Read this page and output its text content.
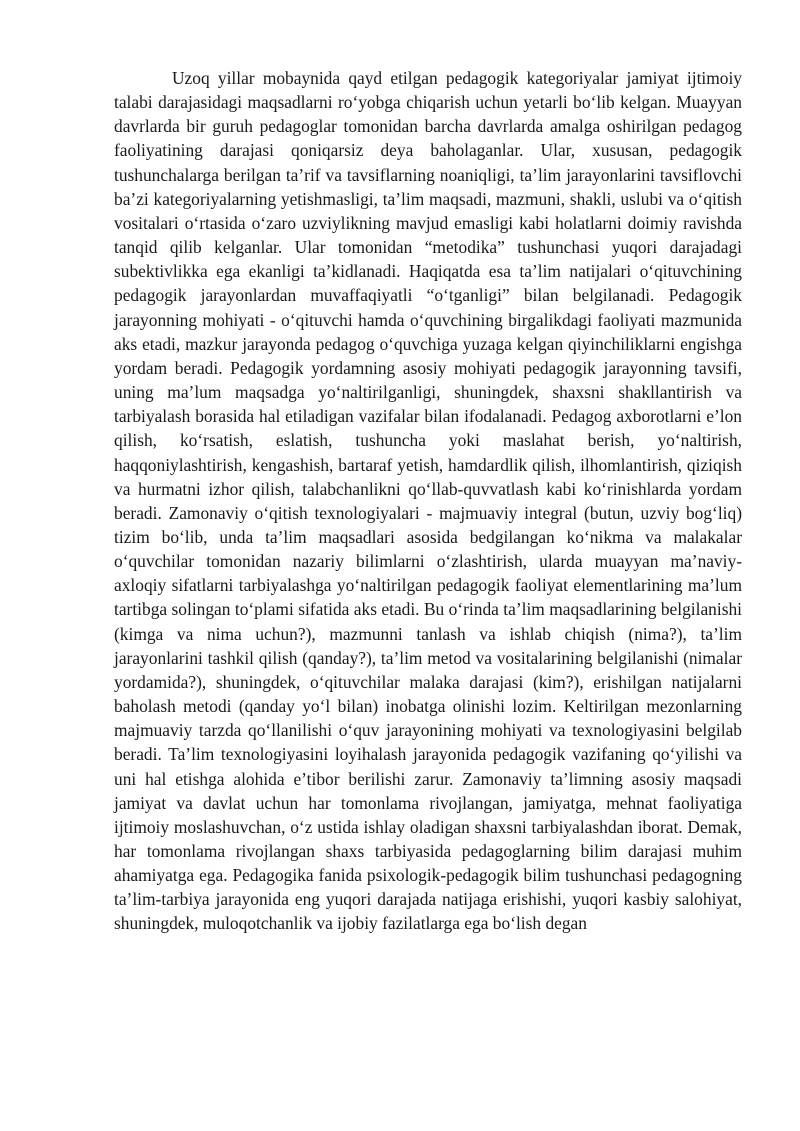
Uzoq yillar mobaynida qayd etilgan pedagogik kategoriyalar jamiyat ijtimoiy talabi darajasidagi maqsadlarni ro‘yobga chiqarish uchun yetarli bo‘lib kelgan. Muayyan davrlarda bir guruh pedagoglar tomonidan barcha davrlarda amalga oshirilgan pedagog faoliyatining darajasi qoniqarsiz deya baholaganlar. Ular, xususan, pedagogik tushunchalarga berilgan ta’rif va tavsiflarning noaniqligi, ta’lim jarayonlarini tavsiflovchi ba’zi kategoriyalarning yetishmasligi, ta’lim maqsadi, mazmuni, shakli, uslubi va o‘qitish vositalari o‘rtasida o‘zaro uzviylikning mavjud emasligi kabi holatlarni doimiy ravishda tanqid qilib kelganlar. Ular tomonidan “metodika” tushunchasi yuqori darajadagi subektivlikka ega ekanligi ta’kidlanadi. Haqiqatda esa ta’lim natijalari o‘qituvchining pedagogik jarayonlardan muvaffaqiyatli “o‘tganligi” bilan belgilanadi. Pedagogik jarayonning mohiyati - o‘qituvchi hamda o‘quvchining birgalikdagi faoliyati mazmunida aks etadi, mazkur jarayonda pedagog o‘quvchiga yuzaga kelgan qiyinchiliklarni engishga yordam beradi. Pedagogik yordamning asosiy mohiyati pedagogik jarayonning tavsifi, uning ma’lum maqsadga yo‘naltirilganligi, shuningdek, shaxsni shakllantirish va tarbiyalash borasida hal etiladigan vazifalar bilan ifodalanadi. Pedagog axborotlarni e’lon qilish, ko‘rsatish, eslatish, tushuncha yoki maslahat berish, yo‘naltirish, haqqoniylashtirish, kengashish, bartaraf yetish, hamdardlik qilish, ilhomlantirish, qiziqish va hurmatni izhor qilish, talabchanlikni qo‘llab-quvvatlash kabi ko‘rinishlarda yordam beradi. Zamonaviy o‘qitish texnologiyalari - majmuaviy integral (butun, uzviy bog‘liq) tizim bo‘lib, unda ta’lim maqsadlari asosida bedgilangan ko‘nikma va malakalar o‘quvchilar tomonidan nazariy bilimlarni o‘zlashtirish, ularda muayyan ma’naviy- axloqiy sifatlarni tarbiyalashga yo‘naltirilgan pedagogik faoliyat elementlarining ma’lum tartibga solingan to‘plami sifatida aks etadi. Bu o‘rinda ta’lim maqsadlarining belgilanishi (kimga va nima uchun?), mazmunni tanlash va ishlab chiqish (nima?), ta’lim jarayonlarini tashkil qilish (qanday?), ta’lim metod va vositalarining belgilanishi (nimalar yordamida?), shuningdek, o‘qituvchilar malaka darajasi (kim?), erishilgan natijalarni baholash metodi (qanday yo‘l bilan) inobatga olinishi lozim. Keltirilgan mezonlarning majmuaviy tarzda qo‘llanilishi o‘quv jarayonining mohiyati va texnologiyasini belgilab beradi. Ta’lim texnologiyasini loyihalash jarayonida pedagogik vazifaning qo‘yilishi va uni hal etishga alohida e’tibor berilishi zarur. Zamonaviy ta’limning asosiy maqsadi jamiyat va davlat uchun har tomonlama rivojlangan, jamiyatga, mehnat faoliyatiga ijtimoiy moslashuvchan, o‘z ustida ishlay oladigan shaxsni tarbiyalashdan iborat. Demak, har tomonlama rivojlangan shaxs tarbiyasida pedagoglarning bilim darajasi muhim ahamiyatga ega. Pedagogika fanida psixologik-pedagogik bilim tushunchasi pedagogning ta’lim-tarbiya jarayonida eng yuqori darajada natijaga erishishi, yuqori kasbiy salohiyat, shuningdek, muloqotchanlik va ijobiy fazilatlarga ega bo‘lish degan
